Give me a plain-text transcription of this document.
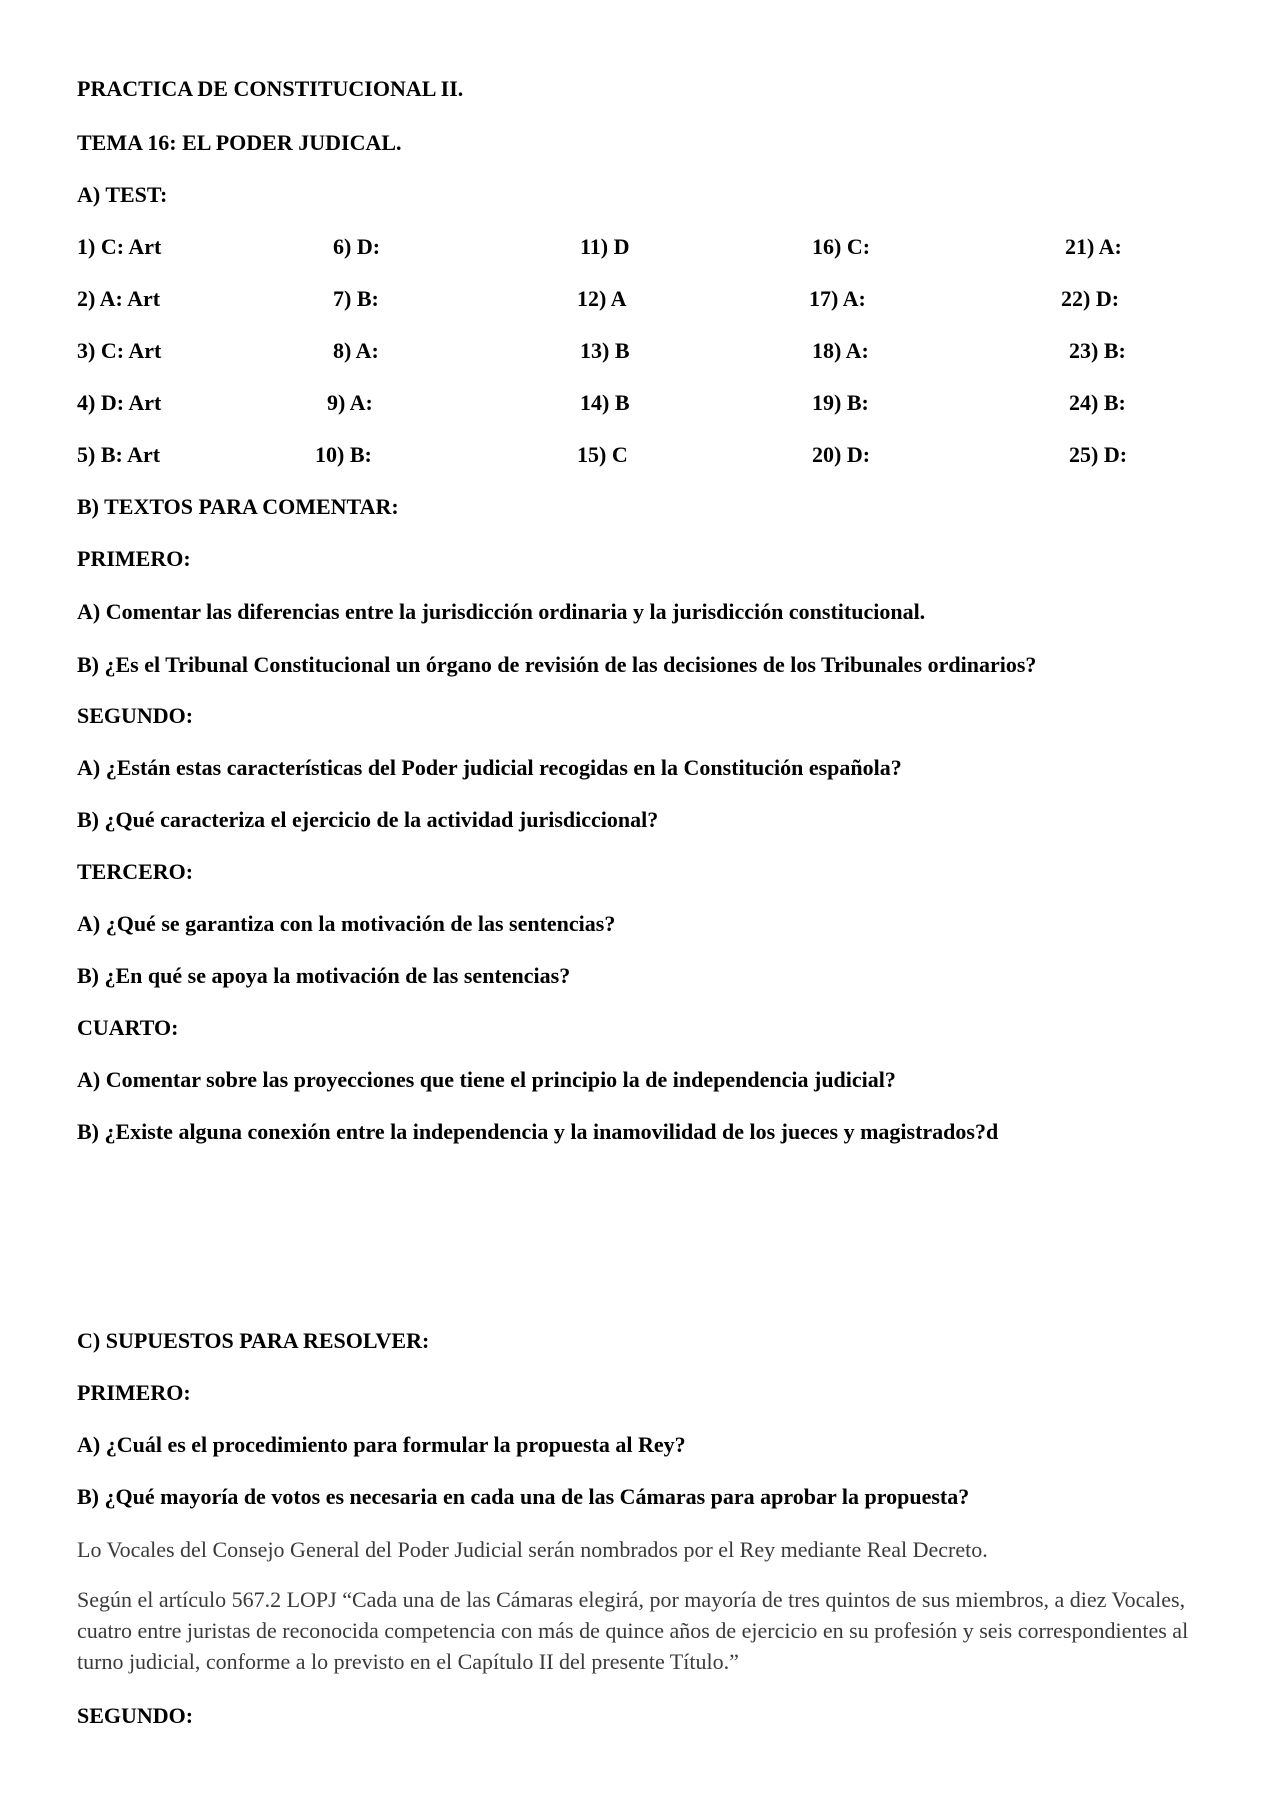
PRACTICA DE CONSTITUCIONAL II.
TEMA 16: EL PODER JUDICAL.
A) TEST:
1) C: Art	6) D:	11) D	16) C:	21) A:
2) A: Art	7) B:	12) A	17) A:	22) D:
3) C: Art	8) A:	13) B	18) A:	23) B:
4) D: Art	9) A:	14) B	19) B:	24) B:
5) B: Art	10) B:	15) C	20) D:	25) D:
B) TEXTOS PARA COMENTAR:
PRIMERO:
A) Comentar las diferencias entre la jurisdicción ordinaria y la jurisdicción constitucional.
B) ¿Es el Tribunal Constitucional un órgano de revisión de las decisiones de los Tribunales ordinarios?
SEGUNDO:
A) ¿Están estas características del Poder judicial recogidas en la Constitución española?
B) ¿Qué caracteriza el ejercicio de la actividad jurisdiccional?
TERCERO:
A) ¿Qué se garantiza con la motivación de las sentencias?
B) ¿En qué se apoya la motivación de las sentencias?
CUARTO:
A) Comentar sobre las proyecciones que tiene el principio la de independencia judicial?
B) ¿Existe alguna conexión entre la independencia y la inamovilidad de los jueces y magistrados?d
C) SUPUESTOS PARA RESOLVER:
PRIMERO:
A) ¿Cuál es el procedimiento para formular la propuesta al Rey?
B) ¿Qué mayoría de votos es necesaria en cada una de las Cámaras para aprobar la propuesta?
Lo Vocales del Consejo General del Poder Judicial serán nombrados por el Rey mediante Real Decreto.
Según el artículo 567.2 LOPJ “Cada una de las Cámaras elegirá, por mayoría de tres quintos de sus miembros, a diez Vocales, cuatro entre juristas de reconocida competencia con más de quince años de ejercicio en su profesión y seis correspondientes al turno judicial, conforme a lo previsto en el Capítulo II del presente Título.”
SEGUNDO:
